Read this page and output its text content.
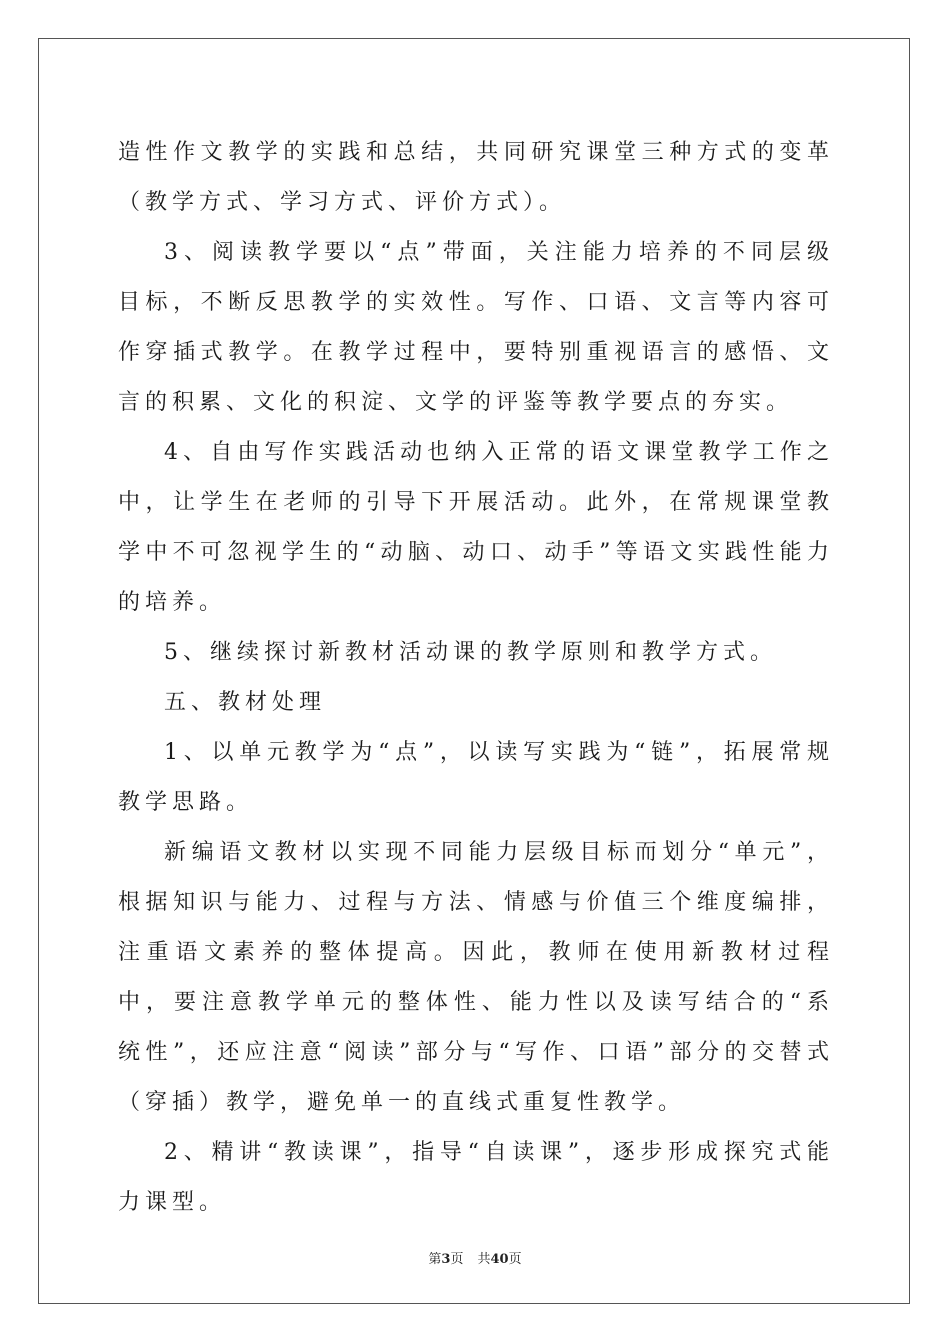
造性作文教学的实践和总结，共同研究课堂三种方式的变革（教学方式、学习方式、评价方式）。

3、阅读教学要以“点”带面，关注能力培养的不同层级目标，不断反思教学的实效性。写作、口语、文言等内容可作穿插式教学。在教学过程中，要特别重视语言的感悟、文言的积累、文化的积淀、文学的评鉴等教学要点的夯实。

4、自由写作实践活动也纳入正常的语文课堂教学工作之中，让学生在老师的引导下开展活动。此外，在常规课堂教学中不可忽视学生的“动脑、动口、动手”等语文实践性能力的培养。

5、继续探讨新教材活动课的教学原则和教学方式。

五、教材处理

1、以单元教学为“点”，以读写实践为“链”，拓展常规教学思路。

新编语文教材以实现不同能力层级目标而划分“单元”，根据知识与能力、过程与方法、情感与价值三个维度编排，注重语文素养的整体提高。因此，教师在使用新教材过程中，要注意教学单元的整体性、能力性以及读写结合的“系统性”，还应注意“阅读”部分与“写作、口语”部分的交替式（穿插）教学，避免单一的直线式重复性教学。

2、精讲“教读课”，指导“自读课”，逐步形成探究式能力课型。

第3页 共40页
